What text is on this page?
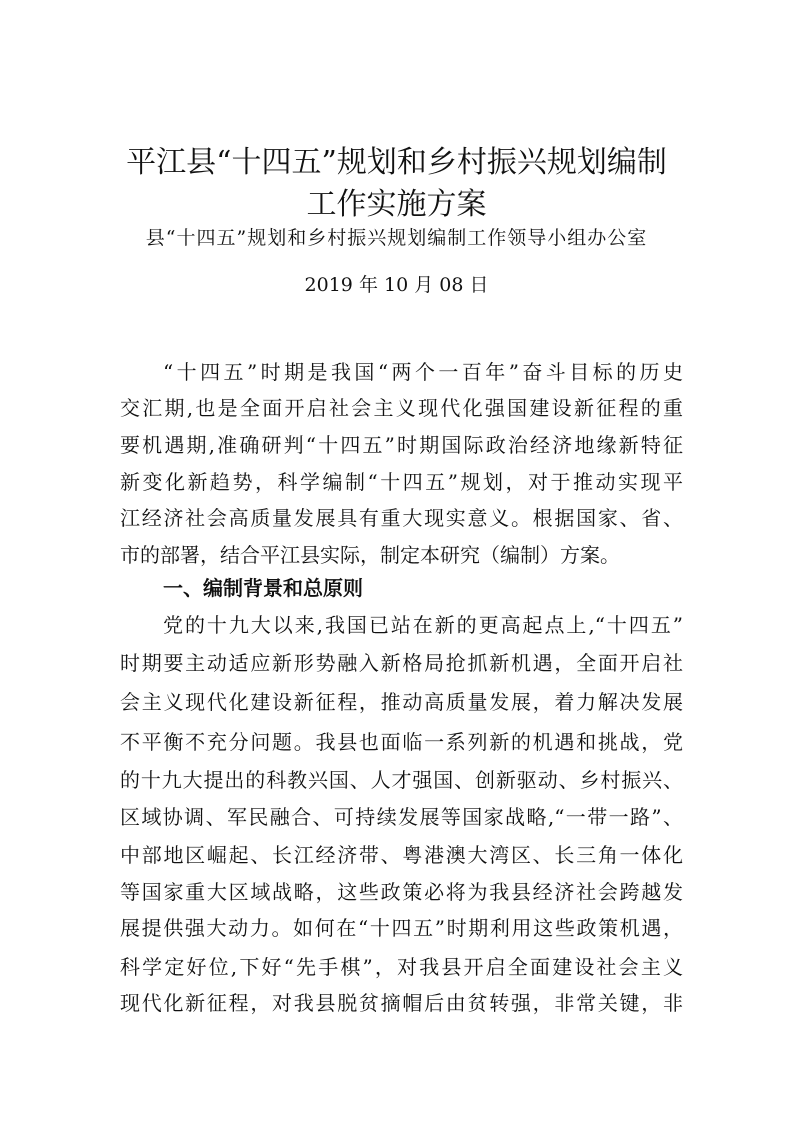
平江县“十四五”规划和乡村振兴规划编制
工作实施方案
县“十四五”规划和乡村振兴规划编制工作领导小组办公室
2019 年 10 月 08 日
“十四五”时期是我国“两个一百年”奋斗目标的历史
交汇期,也是全面开启社会主义现代化强国建设新征程的重
要机遇期,准确研判“十四五”时期国际政治经济地缘新特征
新变化新趋势，科学编制“十四五”规划，对于推动实现平
江经济社会高质量发展具有重大现实意义。根据国家、省、
市的部署，结合平江县实际，制定本研究（编制）方案。
一、编制背景和总原则
党的十九大以来,我国已站在新的更高起点上,“十四五”
时期要主动适应新形势融入新格局抢抓新机遇，全面开启社
会主义现代化建设新征程，推动高质量发展，着力解决发展
不平衡不充分问题。我县也面临一系列新的机遇和挑战，党
的十九大提出的科教兴国、人才强国、创新驱动、乡村振兴、
区域协调、军民融合、可持续发展等国家战略,“一带一路”、
中部地区崛起、长江经济带、粤港澳大湾区、长三角一体化
等国家重大区域战略，这些政策必将为我县经济社会跨越发
展提供强大动力。如何在“十四五”时期利用这些政策机遇，
科学定好位,下好“先手棋”，对我县开启全面建设社会主义
现代化新征程，对我县脱贫摘帽后由贫转强，非常关键，非
